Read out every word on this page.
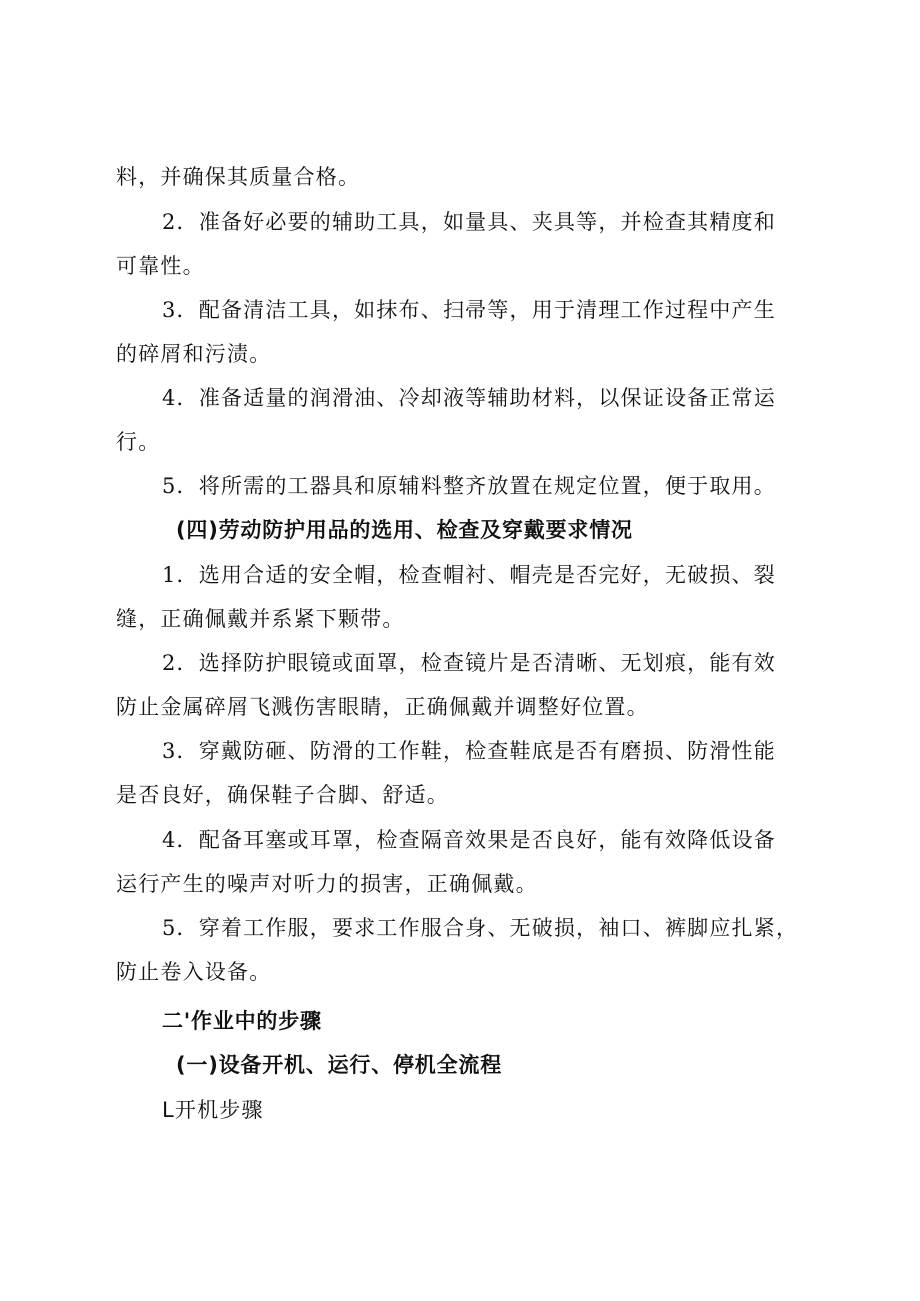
料，并确保其质量合格。
2．准备好必要的辅助工具，如量具、夹具等，并检查其精度和
可靠性。
3．配备清洁工具，如抹布、扫帚等，用于清理工作过程中产生
的碎屑和污渍。
4．准备适量的润滑油、冷却液等辅助材料，以保证设备正常运
行。
5．将所需的工器具和原辅料整齐放置在规定位置，便于取用。
(四)劳动防护用品的选用、检查及穿戴要求情况
1．选用合适的安全帽，检查帽衬、帽壳是否完好，无破损、裂
缝，正确佩戴并系紧下颗带。
2．选择防护眼镜或面罩，检查镜片是否清晰、无划痕，能有效
防止金属碎屑飞溅伤害眼睛，正确佩戴并调整好位置。
3．穿戴防砸、防滑的工作鞋，检查鞋底是否有磨损、防滑性能
是否良好，确保鞋子合脚、舒适。
4．配备耳塞或耳罩，检查隔音效果是否良好，能有效降低设备
运行产生的噪声对听力的损害，正确佩戴。
5．穿着工作服，要求工作服合身、无破损，袖口、裤脚应扎紧，
防止卷入设备。
二'作业中的步骤
(一)设备开机、运行、停机全流程
L开机步骤
